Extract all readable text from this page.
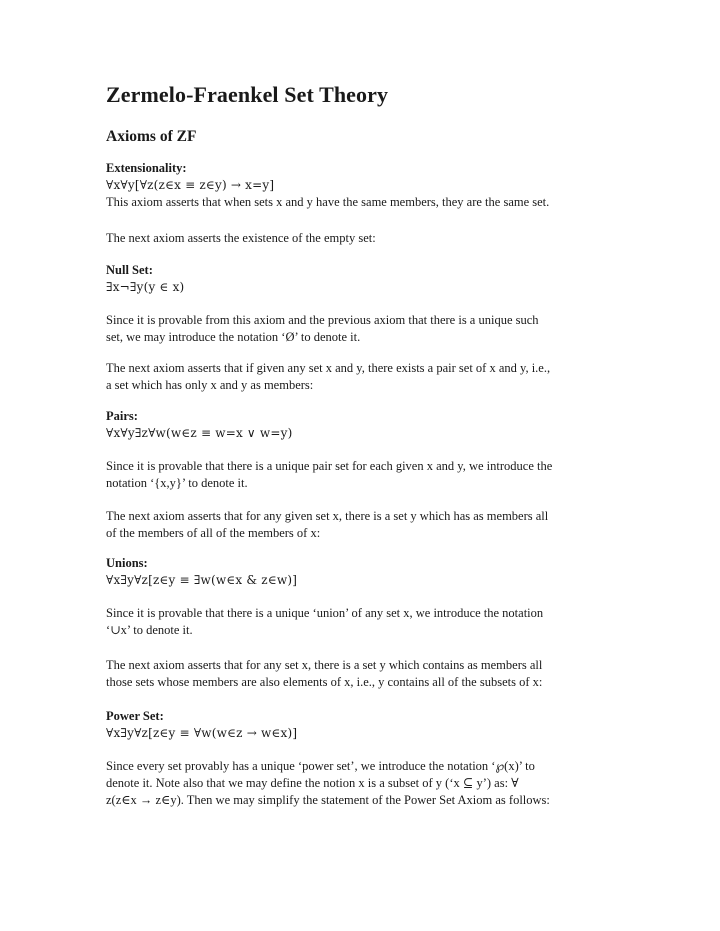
Zermelo-Fraenkel Set Theory
Axioms of ZF
Extensionality:
∀x∀y[∀z(z∈x ≡ z∈y) → x=y]
This axiom asserts that when sets x and y have the same members, they are the same set.
The next axiom asserts the existence of the empty set:
Null Set:
∃x¬∃y(y ∈ x)

Since it is provable from this axiom and the previous axiom that there is a unique such

set, we may introduce the notation ‘Ø’ to denote it.

The next axiom asserts that if given any set x and y, there exists a pair set of x and y, i.e.,

a set which has only x and y as members:

Pairs:
∀x∀y∃z∀w(w∈z ≡ w=x ∨ w=y)

Since it is provable that there is a unique pair set for each given x and y, we introduce the

notation ‘{x,y}’ to denote it.

The next axiom asserts that for any given set x, there is a set y which has as members all

of the members of all of the members of x:

Unions:
∀x∃y∀z[z∈y ≡ ∃w(w∈x & z∈w)]

Since it is provable that there is a unique ‘union’ of any set x, we introduce the notation

‘∪x’ to denote it.

The next axiom asserts that for any set x, there is a set y which contains as members all

those sets whose members are also elements of x, i.e., y contains all of the subsets of x:

Power Set:
∀x∃y∀z[z∈y ≡ ∀w(w∈z → w∈x)]

Since every set provably has a unique ‘power set’, we introduce the notation ‘℘(x)’ to

denote it. Note also that we may define the notion x is a subset of y (‘x ⊆ y’) as: ∀

z(z∈x → z∈y). Then we may simplify the statement of the Power Set Axiom as follows:
